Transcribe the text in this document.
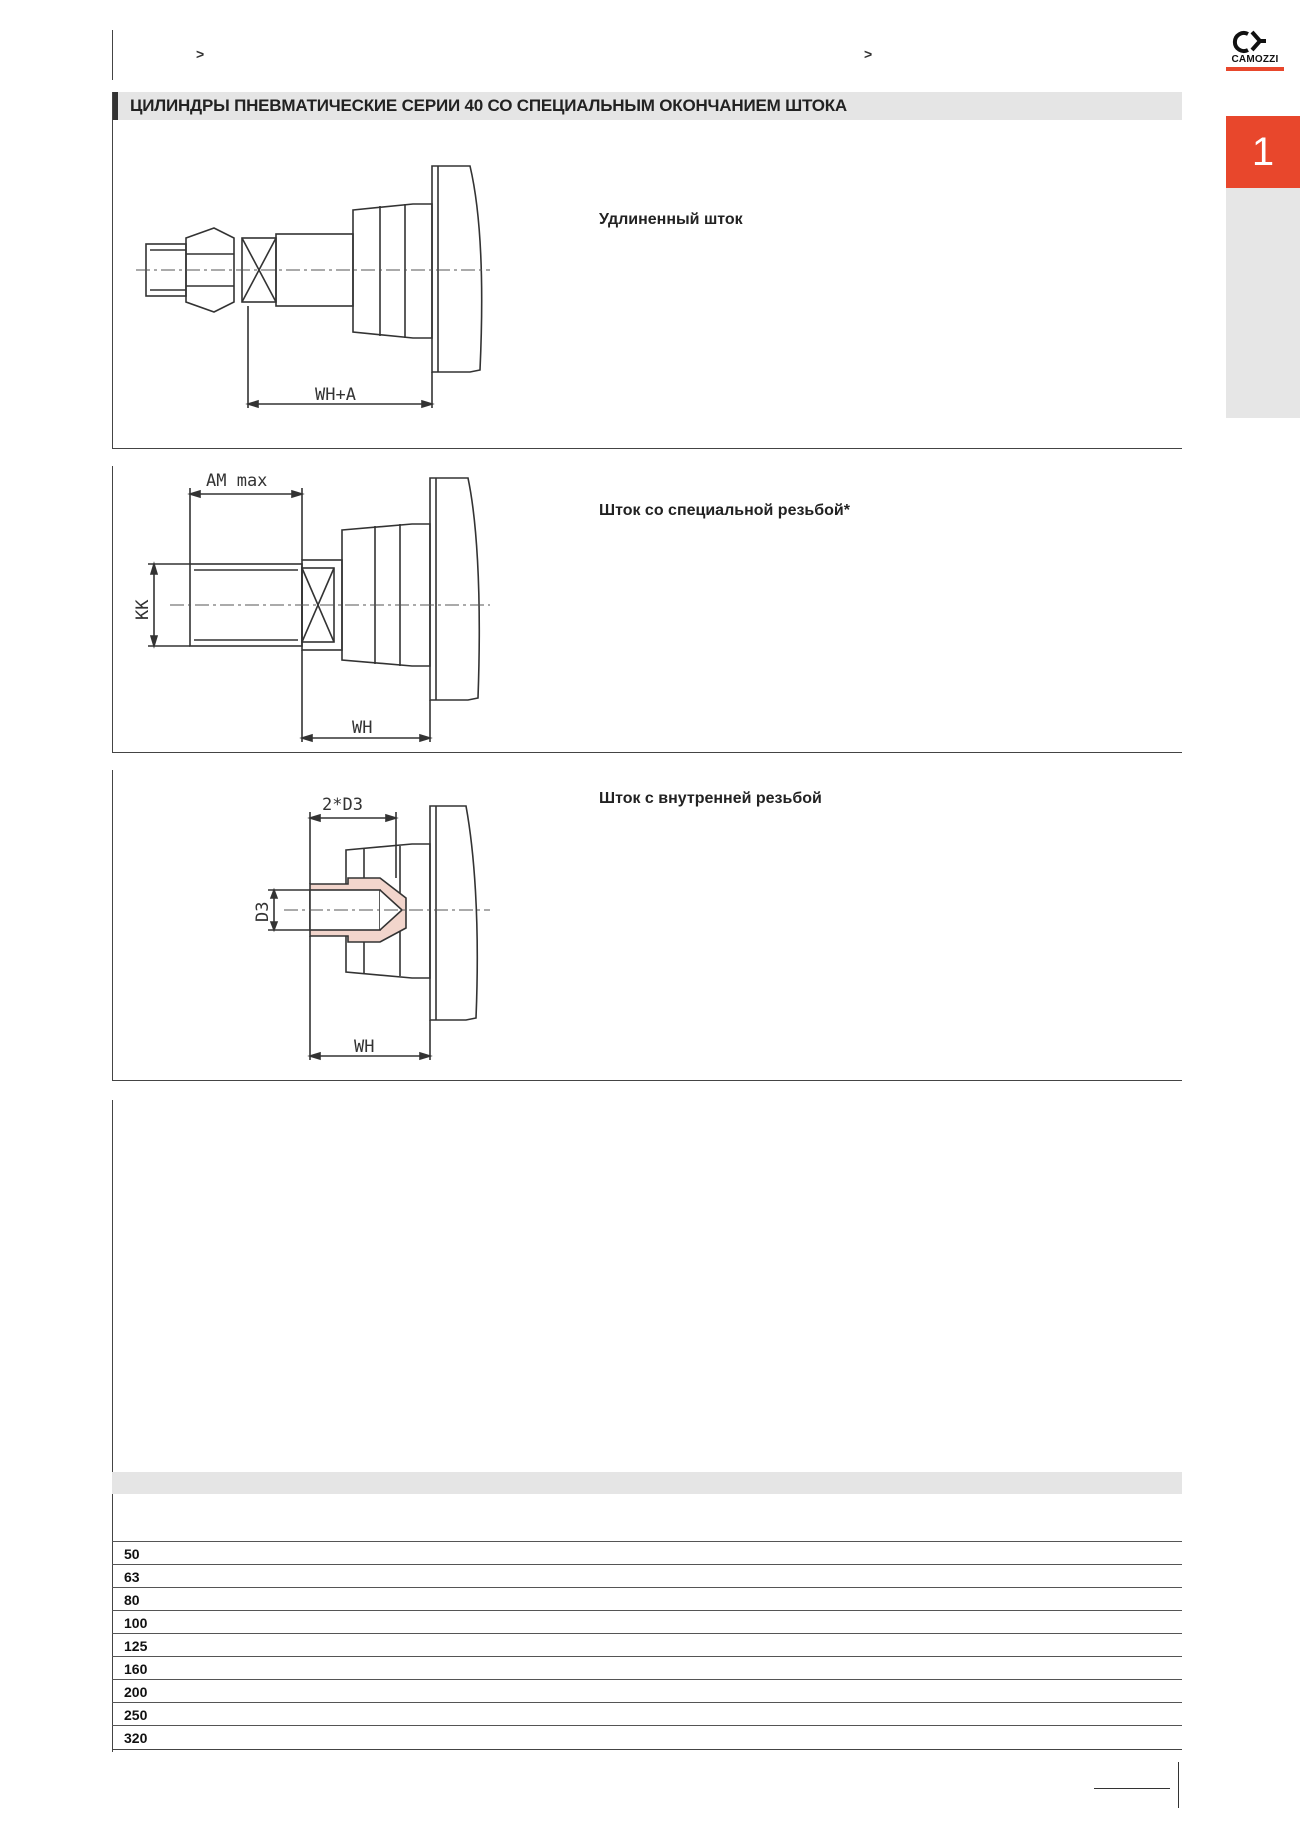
>	>	CAMOZZI
1
ЦИЛИНДРЫ ПНЕВМАТИЧЕСКИЕ СЕРИИ 40 СО СПЕЦИАЛЬНЫМ ОКОНЧАНИЕМ ШТОКА
Удлиненный шток
WH+A
Шток со специальной резьбой*
AM max
KK
WH
Шток с внутренней резьбой
2*D3
D3
WH
50
63
80
100
125
160
200
250
320
